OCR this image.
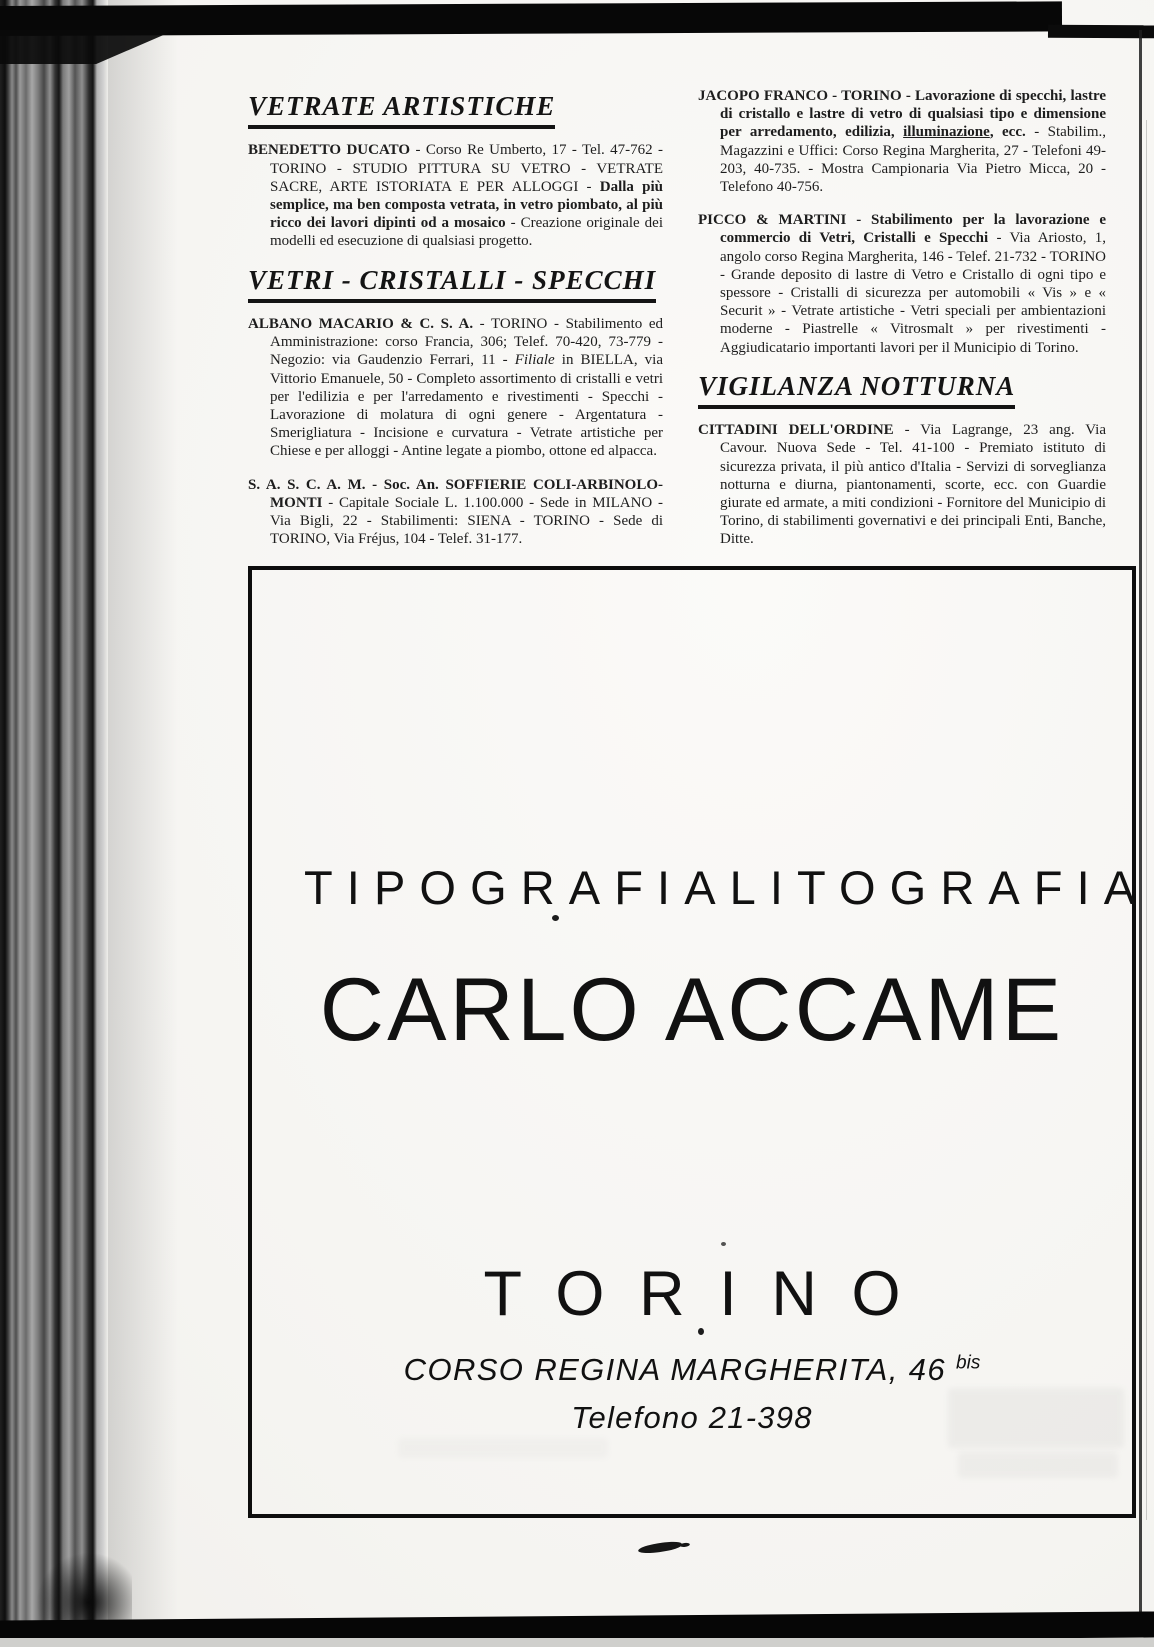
VETRATE ARTISTICHE

BENEDETTO DUCATO - Corso Re Umberto, 17 - Tel. 47-762 - TORINO - STUDIO PITTURA SU VETRO - VETRATE SACRE, ARTE ISTORIATA E PER ALLOGGI - Dalla più semplice, ma ben composta vetrata, in vetro piombato, al più ricco dei lavori dipinti od a mosaico - Creazione originale dei modelli ed esecuzione di qualsiasi progetto.

VETRI - CRISTALLI - SPECCHI

ALBANO MACARIO & C. S. A. - TORINO - Stabilimento ed Amministrazione: corso Francia, 306; Telef. 70-420, 73-779 - Negozio: via Gaudenzio Ferrari, 11 - Filiale in BIELLA, via Vittorio Emanuele, 50 - Completo assortimento di cristalli e vetri per l'edilizia e per l'arredamento e rivestimenti - Specchi - Lavorazione di molatura di ogni genere - Argentatura - Smerigliatura - Incisione e curvatura - Vetrate artistiche per Chiese e per alloggi - Antine legate a piombo, ottone ed alpacca.

S. A. S. C. A. M. - Soc. An. SOFFIERIE COLI-ARBINOLO-MONTI - Capitale Sociale L. 1.100.000 - Sede in MILANO - Via Bigli, 22 - Stabilimenti: SIENA - TORINO - Sede di TORINO, Via Fréjus, 104 - Telef. 31-177.

JACOPO FRANCO - TORINO - Lavorazione di specchi, lastre di cristallo e lastre di vetro di qualsiasi tipo e dimensione per arredamento, edilizia, illuminazione, ecc. - Stabilim., Magazzini e Uffici: Corso Regina Margherita, 27 - Telefoni 49-203, 40-735. - Mostra Campionaria Via Pietro Micca, 20 - Telefono 40-756.

PICCO & MARTINI - Stabilimento per la lavorazione e commercio di Vetri, Cristalli e Specchi - Via Ariosto, 1, angolo corso Regina Margherita, 146 - Telef. 21-732 - TORINO - Grande deposito di lastre di Vetro e Cristallo di ogni tipo e spessore - Cristalli di sicurezza per automobili « Vis » e « Securit » - Vetrate artistiche - Vetri speciali per ambientazioni moderne - Piastrelle « Vitrosmalt » per rivestimenti - Aggiudicatario importanti lavori per il Municipio di Torino.

VIGILANZA NOTTURNA

CITTADINI DELL'ORDINE - Via Lagrange, 23 ang. Via Cavour. Nuova Sede - Tel. 41-100 - Premiato istituto di sicurezza privata, il più antico d'Italia - Servizi di sorveglianza notturna e diurna, piantonamenti, scorte, ecc. con Guardie giurate ed armate, a miti condizioni - Fornitore del Municipio di Torino, di stabilimenti governativi e dei principali Enti, Banche, Ditte.

TIPOGRAFIA LITOGRAFIA
CARLO ACCAME
TORINO
CORSO REGINA MARGHERITA, 46 $^{bis}$
Telefono 21-398
